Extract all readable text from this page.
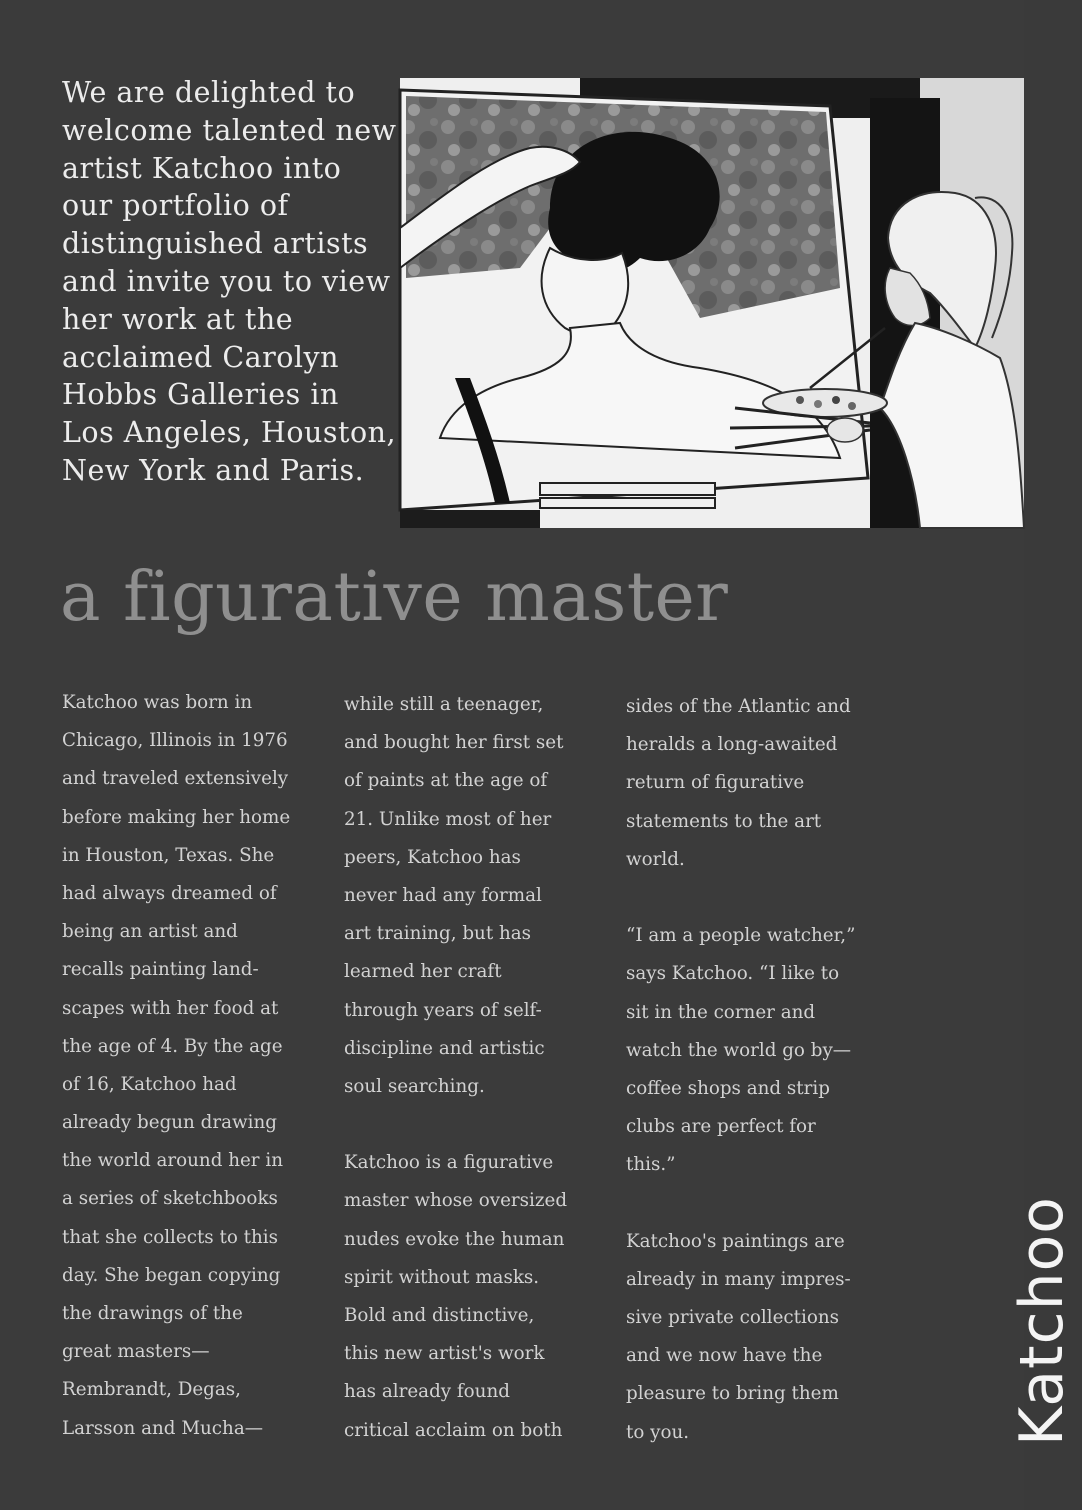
We are delighted to
welcome talented new
artist Katchoo into
our portfolio of
distinguished artists
and invite you to view
her work at the
acclaimed Carolyn
Hobbs Galleries in
Los Angeles, Houston,
New York and Paris.

a figurative master

Katchoo was born in
Chicago, Illinois in 1976
and traveled extensively
before making her home
in Houston, Texas. She
had always dreamed of
being an artist and
recalls painting land-
scapes with her food at
the age of 4. By the age
of 16, Katchoo had
already begun drawing
the world around her in
a series of sketchbooks
that she collects to this
day. She began copying
the drawings of the
great masters—
Rembrandt, Degas,
Larsson and Mucha—

while still a teenager,
and bought her first set
of paints at the age of
21. Unlike most of her
peers, Katchoo has
never had any formal
art training, but has
learned her craft
through years of self-
discipline and artistic
soul searching.
Katchoo is a figurative
master whose oversized
nudes evoke the human
spirit without masks.
Bold and distinctive,
this new artist's work
has already found
critical acclaim on both

sides of the Atlantic and
heralds a long-awaited
return of figurative
statements to the art
world.
“I am a people watcher,”
says Katchoo. “I like to
sit in the corner and
watch the world go by—
coffee shops and strip
clubs are perfect for
this.”
Katchoo's paintings are
already in many impres-
sive private collections
and we now have the
pleasure to bring them
to you.	Katchoo
